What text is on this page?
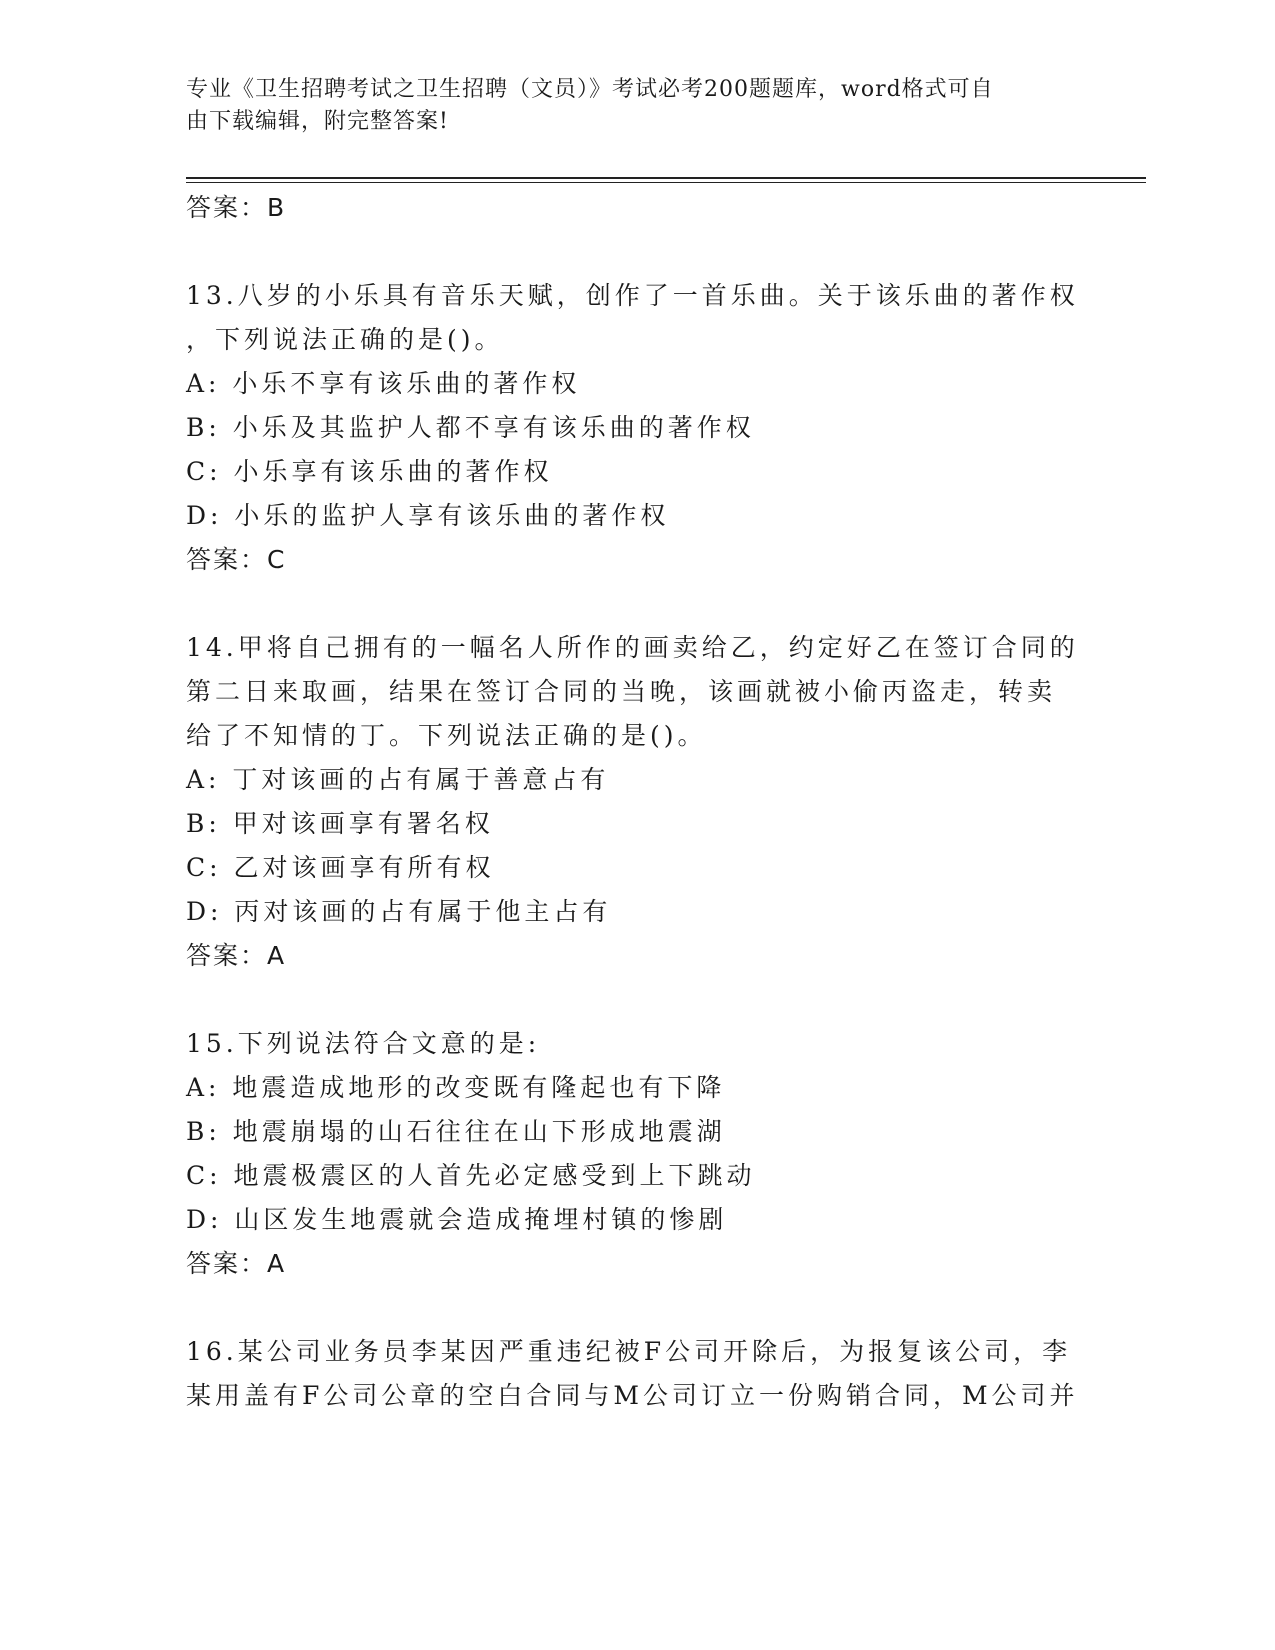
专业《卫生招聘考试之卫生招聘（文员）》考试必考200题题库，word格式可自
由下载编辑，附完整答案!
答案：B
13.八岁的小乐具有音乐天赋，创作了一首乐曲。关于该乐曲的著作权
，下列说法正确的是()。
A: 小乐不享有该乐曲的著作权
B: 小乐及其监护人都不享有该乐曲的著作权
C: 小乐享有该乐曲的著作权
D: 小乐的监护人享有该乐曲的著作权
答案：C
14.甲将自己拥有的一幅名人所作的画卖给乙，约定好乙在签订合同的
第二日来取画，结果在签订合同的当晚，该画就被小偷丙盗走，转卖
给了不知情的丁。下列说法正确的是()。
A: 丁对该画的占有属于善意占有
B: 甲对该画享有署名权
C: 乙对该画享有所有权
D: 丙对该画的占有属于他主占有
答案：A
15.下列说法符合文意的是:
A: 地震造成地形的改变既有隆起也有下降
B: 地震崩塌的山石往往在山下形成地震湖
C: 地震极震区的人首先必定感受到上下跳动
D: 山区发生地震就会造成掩埋村镇的惨剧
答案：A
16.某公司业务员李某因严重违纪被F公司开除后，为报复该公司，李
某用盖有F公司公章的空白合同与M公司订立一份购销合同，M公司并
